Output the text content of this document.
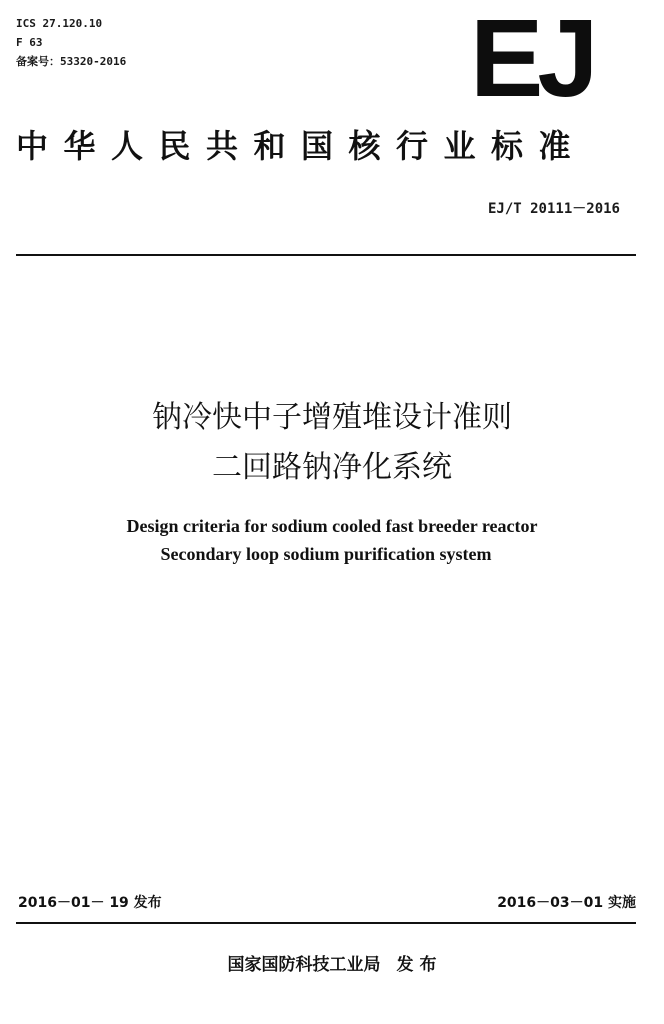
ICS 27.120.10
F 63
备案号：53320-2016	EJ
中华人民共和国核行业标准
EJ/T 20111－2016
钠冷快中子增殖堆设计准则
二回路钠净化系统
Design criteria for sodium cooled fast breeder reactor
Secondary loop sodium purification system
2016－01－ 19 发布	2016－03－01 实施
国家国防科技工业局 发 布
